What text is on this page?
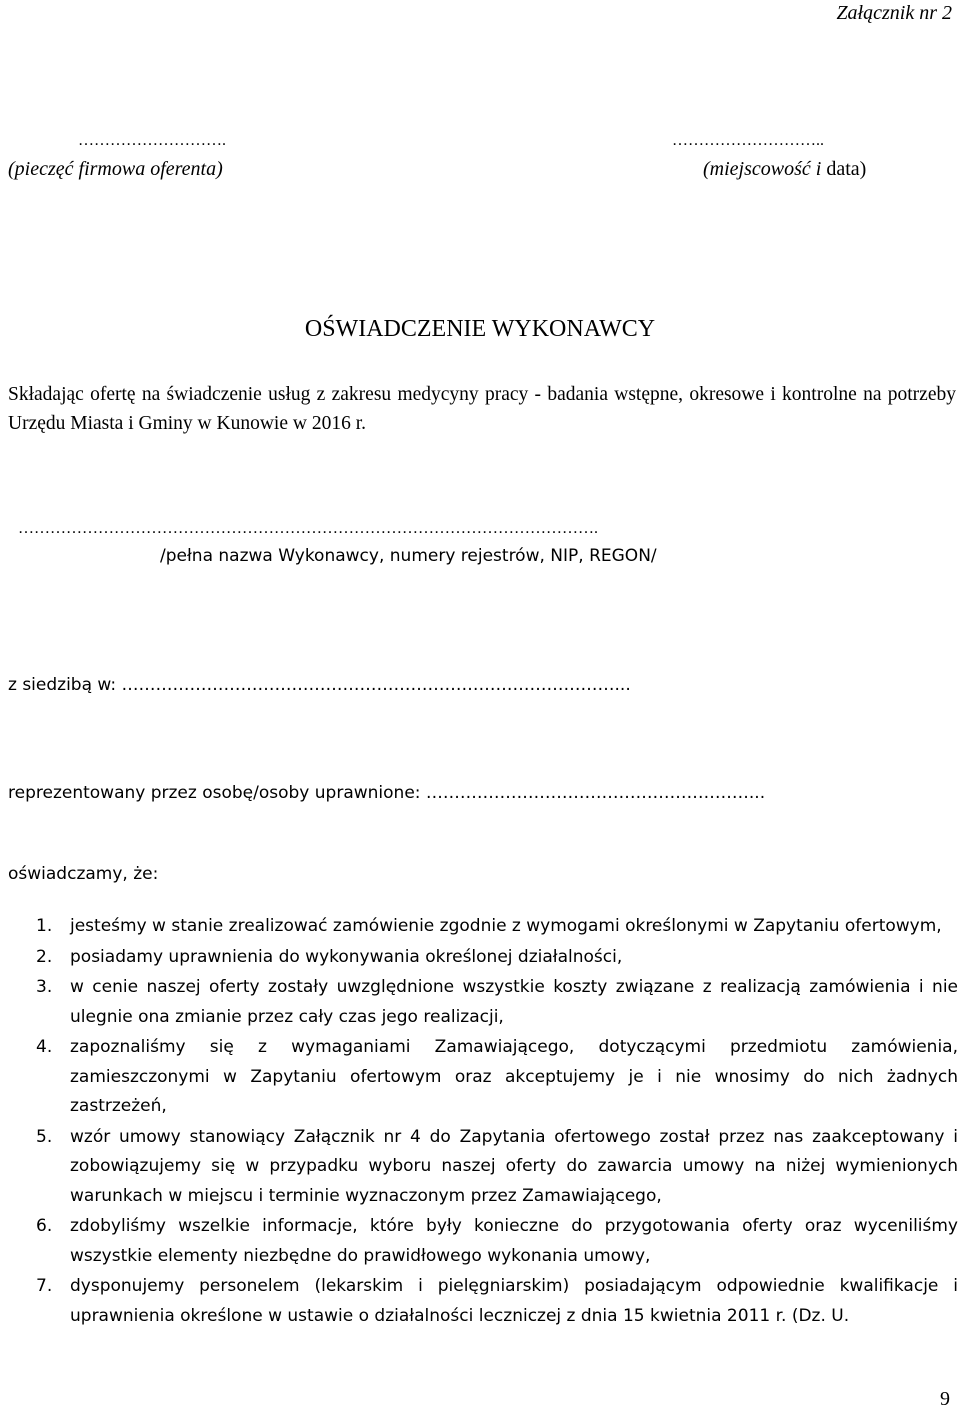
Załącznik nr 2
……………………….
(pieczęć firmowa oferenta)
………………………..
(miejscowość i data)
OŚWIADCZENIE WYKONAWCY
Składając ofertę na świadczenie usług z zakresu medycyny pracy - badania wstępne, okresowe i kontrolne na potrzeby Urzędu Miasta i Gminy w Kunowie w 2016 r.
……………………………………………………………………………………………….
/pełna nazwa Wykonawcy, numery rejestrów, NIP, REGON/
z siedzibą w: ……………………………………………………………………………...
reprezentowany przez osobę/osoby uprawnione: …………………………………………………...
oświadczamy, że:
1. jesteśmy w stanie zrealizować zamówienie zgodnie z wymogami określonymi w Zapytaniu ofertowym,
2. posiadamy uprawnienia do wykonywania określonej działalności,
3. w cenie naszej oferty zostały uwzględnione wszystkie koszty związane z realizacją zamówienia i nie ulegnie ona zmianie przez cały czas jego realizacji,
4. zapoznaliśmy się z wymaganiami Zamawiającego, dotyczącymi przedmiotu zamówienia, zamieszczonymi w Zapytaniu ofertowym oraz akceptujemy je i nie wnosimy do nich żadnych zastrzeżeń,
5. wzór umowy stanowiący Załącznik nr 4 do Zapytania ofertowego został przez nas zaakceptowany i zobowiązujemy się w przypadku wyboru naszej oferty do zawarcia umowy na niżej wymienionych warunkach w miejscu i terminie wyznaczonym przez Zamawiającego,
6. zdobyliśmy wszelkie informacje, które były konieczne do przygotowania oferty oraz wyceniliśmy wszystkie elementy niezbędne do prawidłowego wykonania umowy,
7. dysponujemy personelem (lekarskim i pielęgniarskim) posiadającym odpowiednie kwalifikacje i uprawnienia określone w ustawie o działalności leczniczej z dnia 15 kwietnia 2011 r. (Dz. U.
9
